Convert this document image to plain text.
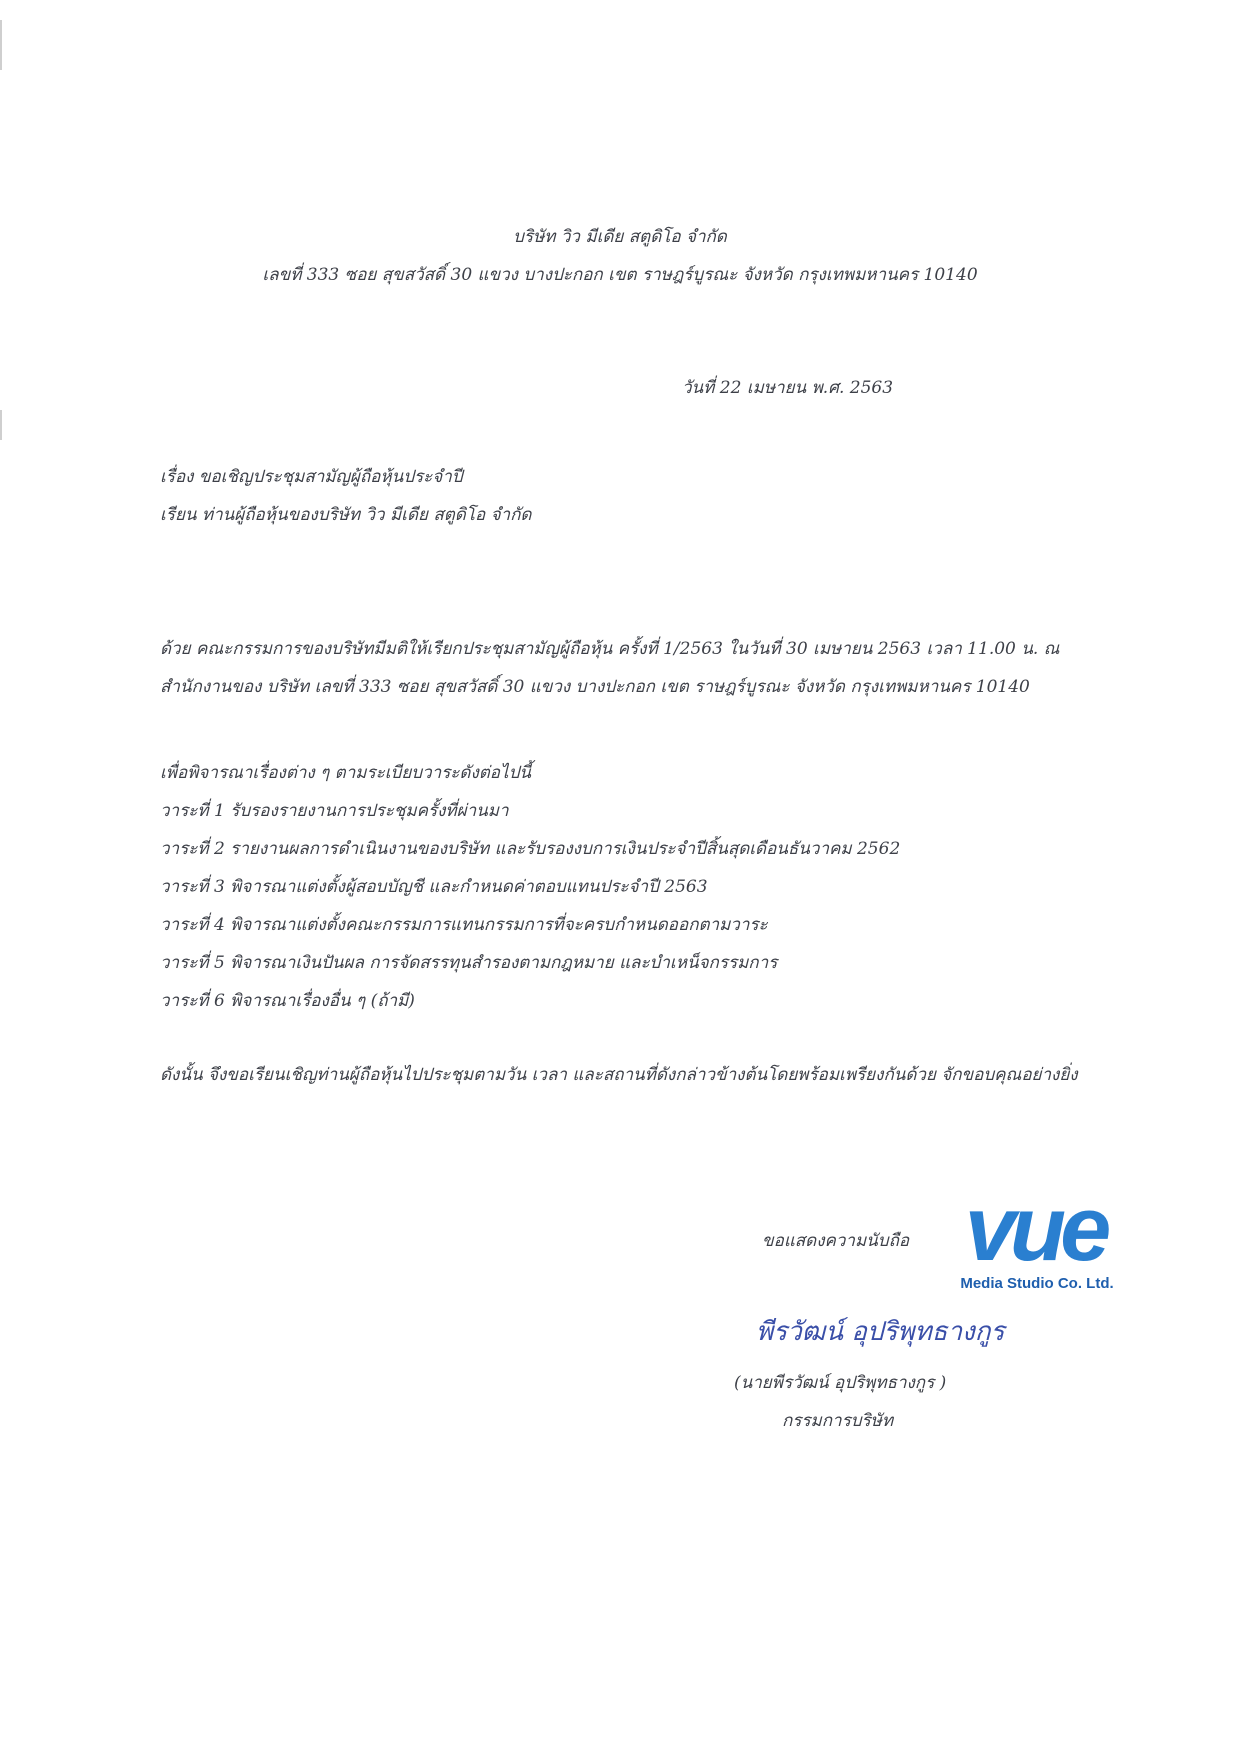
บริษัท วิว มีเดีย สตูดิโอ จำกัด
เลขที่ 333 ซอย สุขสวัสดิ์ 30 แขวง บางปะกอก เขต ราษฎร์บูรณะ จังหวัด กรุงเทพมหานคร 10140
วันที่ 22 เมษายน พ.ศ. 2563
เรื่อง ขอเชิญประชุมสามัญผู้ถือหุ้นประจำปี
เรียน ท่านผู้ถือหุ้นของบริษัท วิว มีเดีย สตูดิโอ จำกัด
ด้วย คณะกรรมการของบริษัทมีมติให้เรียกประชุมสามัญผู้ถือหุ้น ครั้งที่ 1/2563 ในวันที่ 30 เมษายน 2563 เวลา 11.00 น. ณ
สำนักงานของ บริษัท เลขที่ 333 ซอย สุขสวัสดิ์ 30 แขวง บางปะกอก เขต ราษฎร์บูรณะ จังหวัด กรุงเทพมหานคร 10140
เพื่อพิจารณาเรื่องต่าง ๆ ตามระเบียบวาระดังต่อไปนี้
วาระที่ 1 รับรองรายงานการประชุมครั้งที่ผ่านมา
วาระที่ 2 รายงานผลการดำเนินงานของบริษัท และรับรองงบการเงินประจำปีสิ้นสุดเดือนธันวาคม 2562
วาระที่ 3 พิจารณาแต่งตั้งผู้สอบบัญชี และกำหนดค่าตอบแทนประจำปี 2563
วาระที่ 4 พิจารณาแต่งตั้งคณะกรรมการแทนกรรมการที่จะครบกำหนดออกตามวาระ
วาระที่ 5 พิจารณาเงินปันผล การจัดสรรทุนสำรองตามกฎหมาย และบำเหน็จกรรมการ
วาระที่ 6 พิจารณาเรื่องอื่น ๆ (ถ้ามี)
ดังนั้น จึงขอเรียนเชิญท่านผู้ถือหุ้นไปประชุมตามวัน เวลา และสถานที่ดังกล่าวข้างต้นโดยพร้อมเพรียงกันด้วย จักขอบคุณอย่างยิ่ง
ขอแสดงความนับถือ vue
Media Studio Co. Ltd.
พีรวัฒน์ อุปริพุทธางกูร
(นายพีรวัฒน์ อุปริพุทธางกูร )
กรรมการบริษัท
